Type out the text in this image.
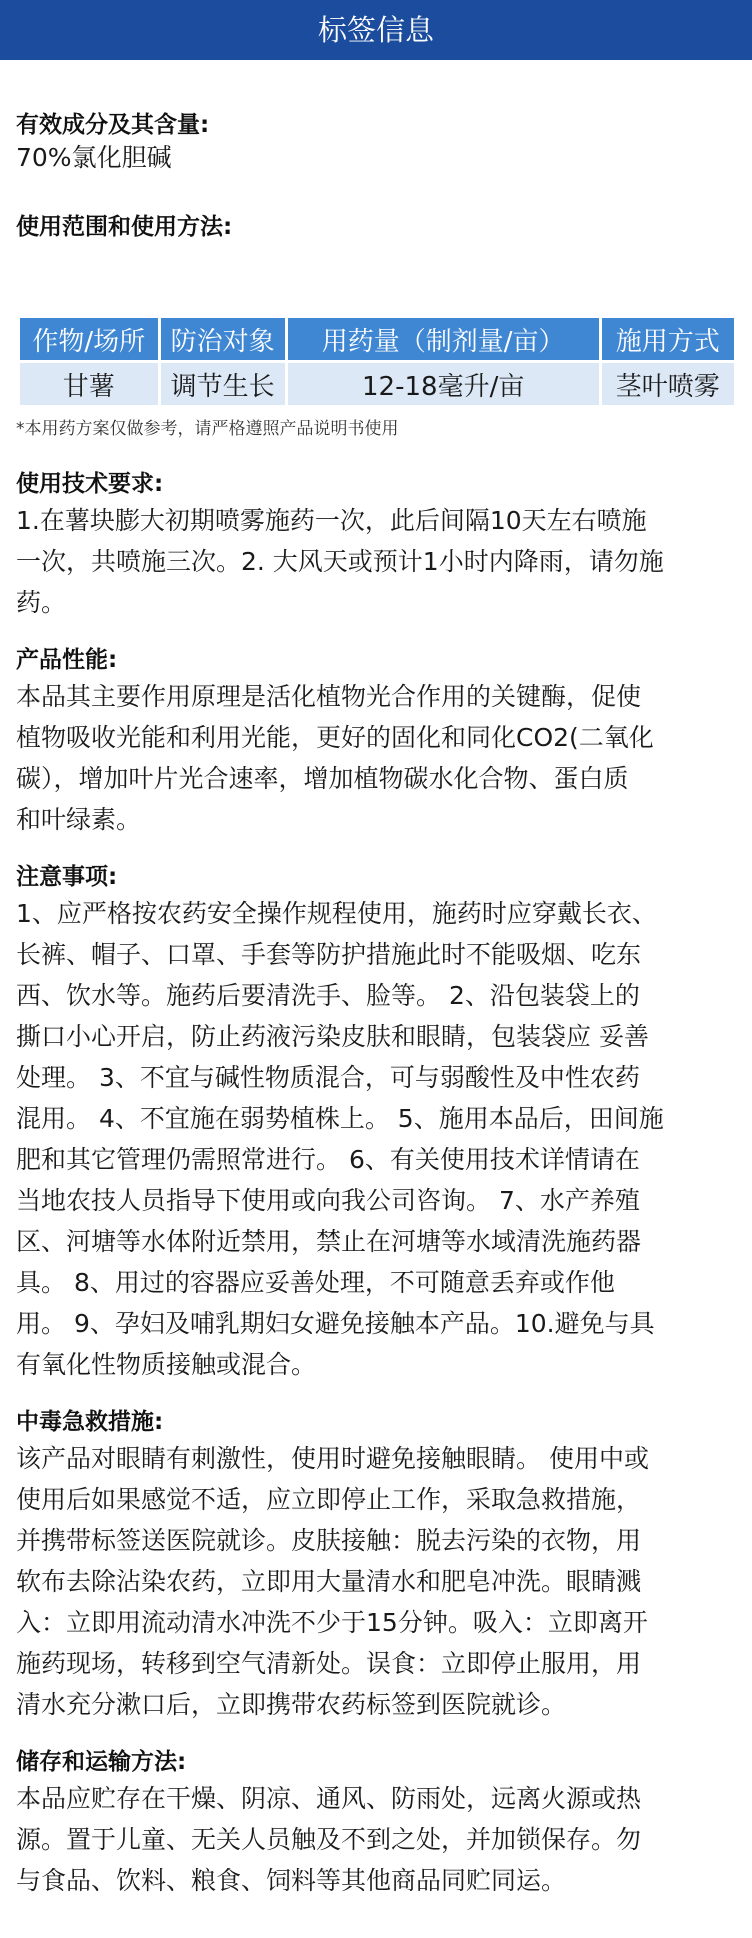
标签信息

有效成分及其含量:

70%氯化胆碱

使用范围和使用方法:

作物/场所	防治对象	用药量（制剂量/亩）	施用方式
甘薯	调节生长	12-18毫升/亩	茎叶喷雾

*本用药方案仅做参考，请严格遵照产品说明书使用

使用技术要求:

1.在薯块膨大初期喷雾施药一次，此后间隔10天左右喷施
一次，共喷施三次。2. 大风天或预计1小时内降雨，请勿施
药。

产品性能:

本品其主要作用原理是活化植物光合作用的关键酶，促使
植物吸收光能和利用光能，更好的固化和同化CO2(二氧化
碳），增加叶片光合速率，增加植物碳水化合物、蛋白质
和叶绿素。

注意事项:

1、应严格按农药安全操作规程使用，施药时应穿戴长衣、
长裤、帽子、口罩、手套等防护措施此时不能吸烟、吃东
西、饮水等。施药后要清洗手、脸等。 2、沿包装袋上的
撕口小心开启，防止药液污染皮肤和眼睛，包装袋应 妥善
处理。 3、不宜与碱性物质混合，可与弱酸性及中性农药
混用。 4、不宜施在弱势植株上。 5、施用本品后，田间施
肥和其它管理仍需照常进行。 6、有关使用技术详情请在
当地农技人员指导下使用或向我公司咨询。 7、水产养殖
区、河塘等水体附近禁用，禁止在河塘等水域清洗施药器
具。 8、用过的容器应妥善处理，不可随意丢弃或作他
用。 9、孕妇及哺乳期妇女避免接触本产品。10.避免与具
有氧化性物质接触或混合。

中毒急救措施:

该产品对眼睛有刺激性，使用时避免接触眼睛。 使用中或
使用后如果感觉不适，应立即停止工作，采取急救措施，
并携带标签送医院就诊。皮肤接触：脱去污染的衣物，用
软布去除沾染农药，立即用大量清水和肥皂冲洗。眼睛溅
入：立即用流动清水冲洗不少于15分钟。吸入：立即离开
施药现场，转移到空气清新处。误食：立即停止服用，用
清水充分漱口后，立即携带农药标签到医院就诊。

储存和运输方法:

本品应贮存在干燥、阴凉、通风、防雨处，远离火源或热
源。置于儿童、无关人员触及不到之处，并加锁保存。勿
与食品、饮料、粮食、饲料等其他商品同贮同运。
